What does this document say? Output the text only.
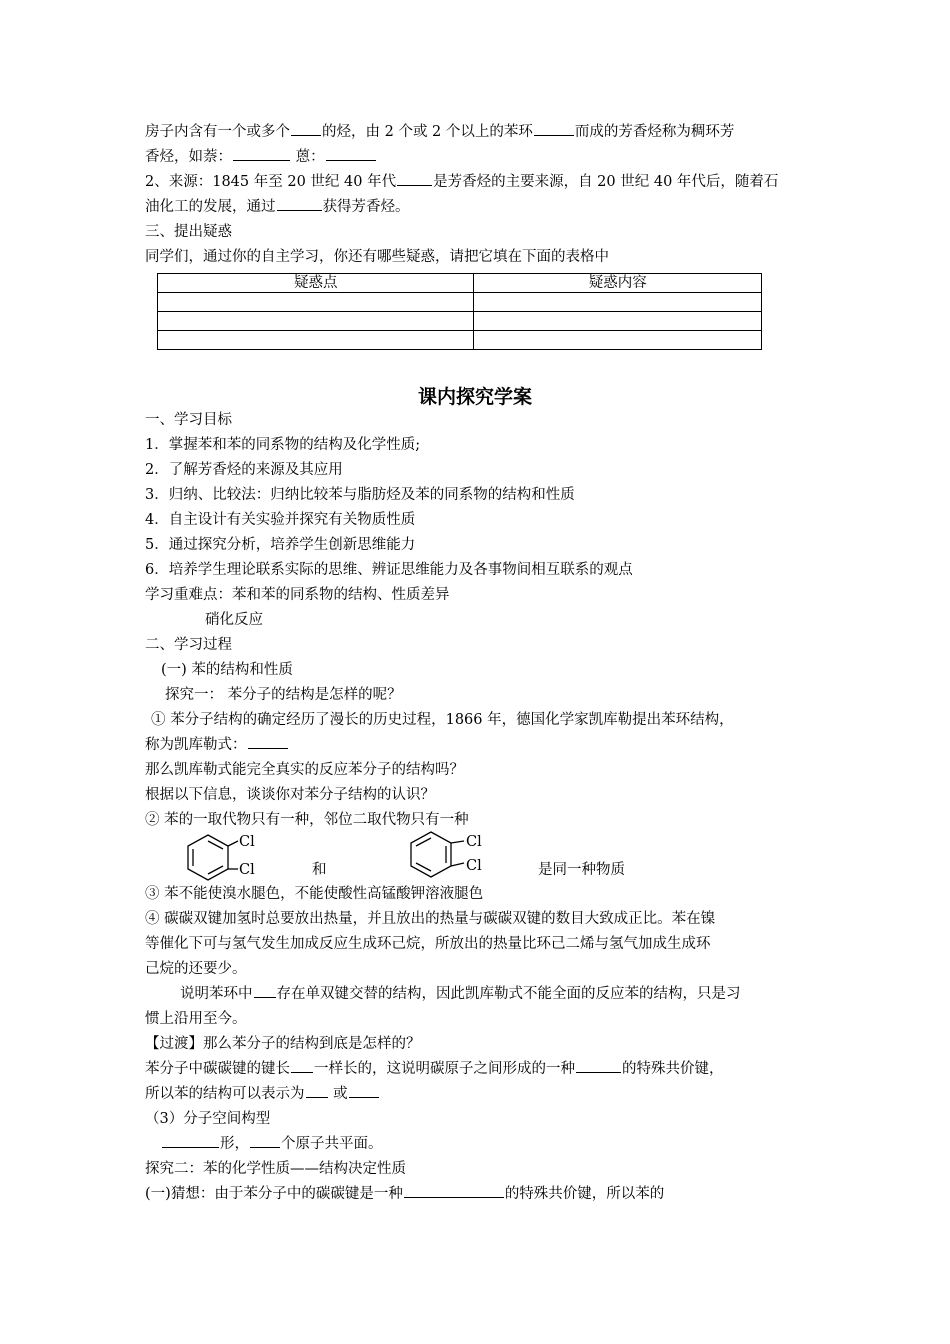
房子内含有一个或多个 的烃，由 2 个或 2 个以上的苯环	而成的芳香烃称为稠环芳
香烃，如萘：	蒽：
2、来源：1845 年至 20 世纪 40 年代	是芳香烃的主要来源，自 20 世纪 40 年代后，随着石
油化工的发展，通过	获得芳香烃。
三、提出疑惑
同学们，通过你的自主学习，你还有哪些疑惑，请把它填在下面的表格中
疑惑点	疑惑内容

课内探究学案
一、学习目标
1．掌握苯和苯的同系物的结构及化学性质;
2．了解芳香烃的来源及其应用
3．归纳、比较法：归纳比较苯与脂肪烃及苯的同系物的结构和性质
4．自主设计有关实验并探究有关物质性质
5．通过探究分析，培养学生创新思维能力
6．培养学生理论联系实际的思维、辨证思维能力及各事物间相互联系的观点
学习重难点：苯和苯的同系物的结构、性质差异
硝化反应
二、学习过程
(一) 苯的结构和性质
探究一： 苯分子的结构是怎样的呢？
① 苯分子结构的确定经历了漫长的历史过程，1866 年，德国化学家凯库勒提出苯环结构，
称为凯库勒式：
那么凯库勒式能完全真实的反应苯分子的结构吗？
根据以下信息，谈谈你对苯分子结构的认识？
② 苯的一取代物只有一种，邻位二取代物只有一种
Cl
Cl	和
Cl
Cl	是同一种物质
③ 苯不能使溴水腿色，不能使酸性高锰酸钾溶液腿色
④ 碳碳双键加氢时总要放出热量，并且放出的热量与碳碳双键的数目大致成正比。苯在镍
等催化下可与氢气发生加成反应生成环己烷，所放出的热量比环己二烯与氢气加成生成环
己烷的还要少。
说明苯环中 存在单双键交替的结构，因此凯库勒式不能全面的反应苯的结构，只是习
惯上沿用至今。
【过渡】那么苯分子的结构到底是怎样的？
苯分子中碳碳键的键长 一样长的，这说明碳原子之间形成的一种	的特殊共价键，
所以苯的结构可以表示为 或
（3）分子空间构型
形， 个原子共平面。
探究二：苯的化学性质——结构决定性质
(一)猜想：由于苯分子中的碳碳键是一种	的特殊共价键，所以苯的
